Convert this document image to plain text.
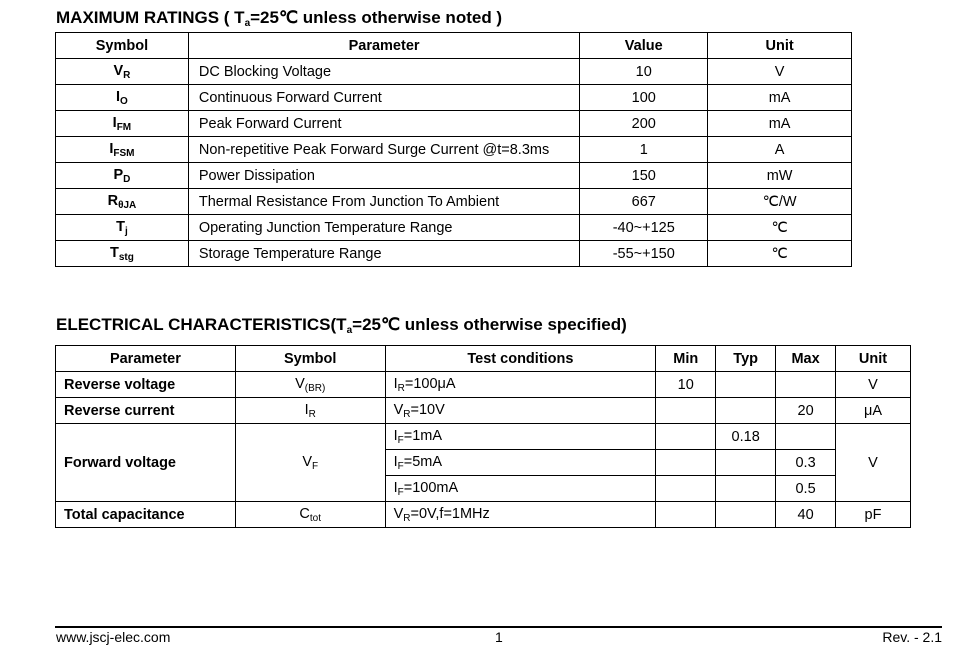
MAXIMUM RATINGS ( $T_a=25℃$ unless otherwise noted )
Symbol	Parameter	Value	Unit
$V_R$	DC Blocking Voltage	10	V
$I_O$	Continuous Forward Current	100	mA
$I_{FM}$	Peak Forward Current	200	mA
$I_{FSM}$	Non-repetitive Peak Forward Surge Current @t=8.3ms	1	A
$P_D$	Power Dissipation	150	mW
$R_{\theta JA}$	Thermal Resistance From Junction To Ambient	667	℃/W
$T_j$	Operating Junction Temperature Range	-40~+125	℃
$T_{stg}$	Storage Temperature Range	-55~+150	℃
ELECTRICAL $CHARACTERISTICS(T_a=25℃$ unless otherwise specified)
Parameter	Symbol	Test conditions	Min	Typ	Max	Unit
Reverse voltage	$V_{(BR)}$	$I_R=100\mu A$	10			V
Reverse current	$I_R$	$V_R=10V$			20	μA
Forward voltage	$V_F$	$I_F=1mA$		0.18		V
		$I_F=5mA$			0.3	
		$I_F=100mA$			0.5	
Total capacitance	$C_{tot}$	$V_R=0V,f=1MHz$			40	pF
www.jscj-elec.com	1	Rev. - 2.1
